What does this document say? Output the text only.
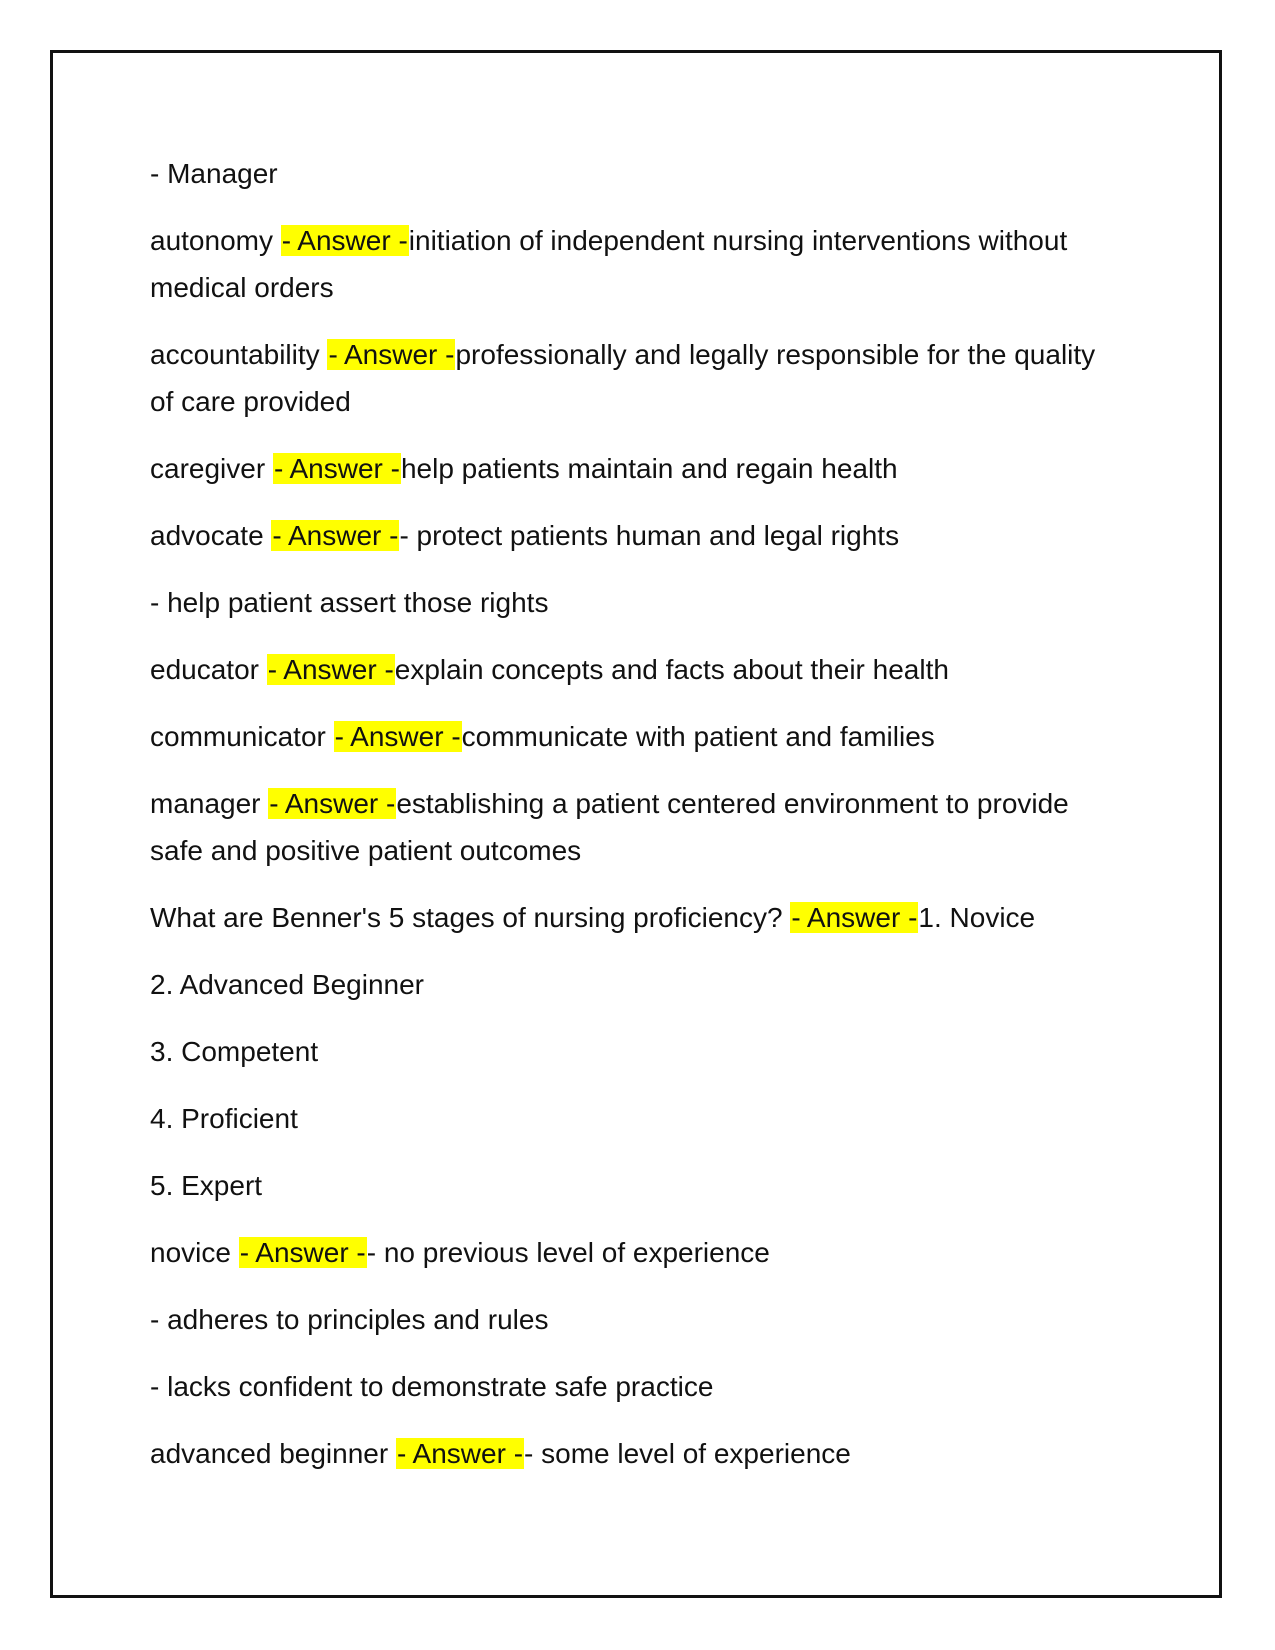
- Manager

autonomy - Answer -initiation of independent nursing interventions without medical orders

accountability - Answer -professionally and legally responsible for the quality of care provided

caregiver - Answer -help patients maintain and regain health

advocate - Answer -- protect patients human and legal rights

- help patient assert those rights

educator - Answer -explain concepts and facts about their health

communicator - Answer -communicate with patient and families

manager - Answer -establishing a patient centered environment to provide safe and positive patient outcomes

What are Benner's 5 stages of nursing proficiency? - Answer -1. Novice

2. Advanced Beginner

3. Competent

4. Proficient

5. Expert

novice - Answer -- no previous level of experience

- adheres to principles and rules

- lacks confident to demonstrate safe practice

advanced beginner - Answer -- some level of experience
